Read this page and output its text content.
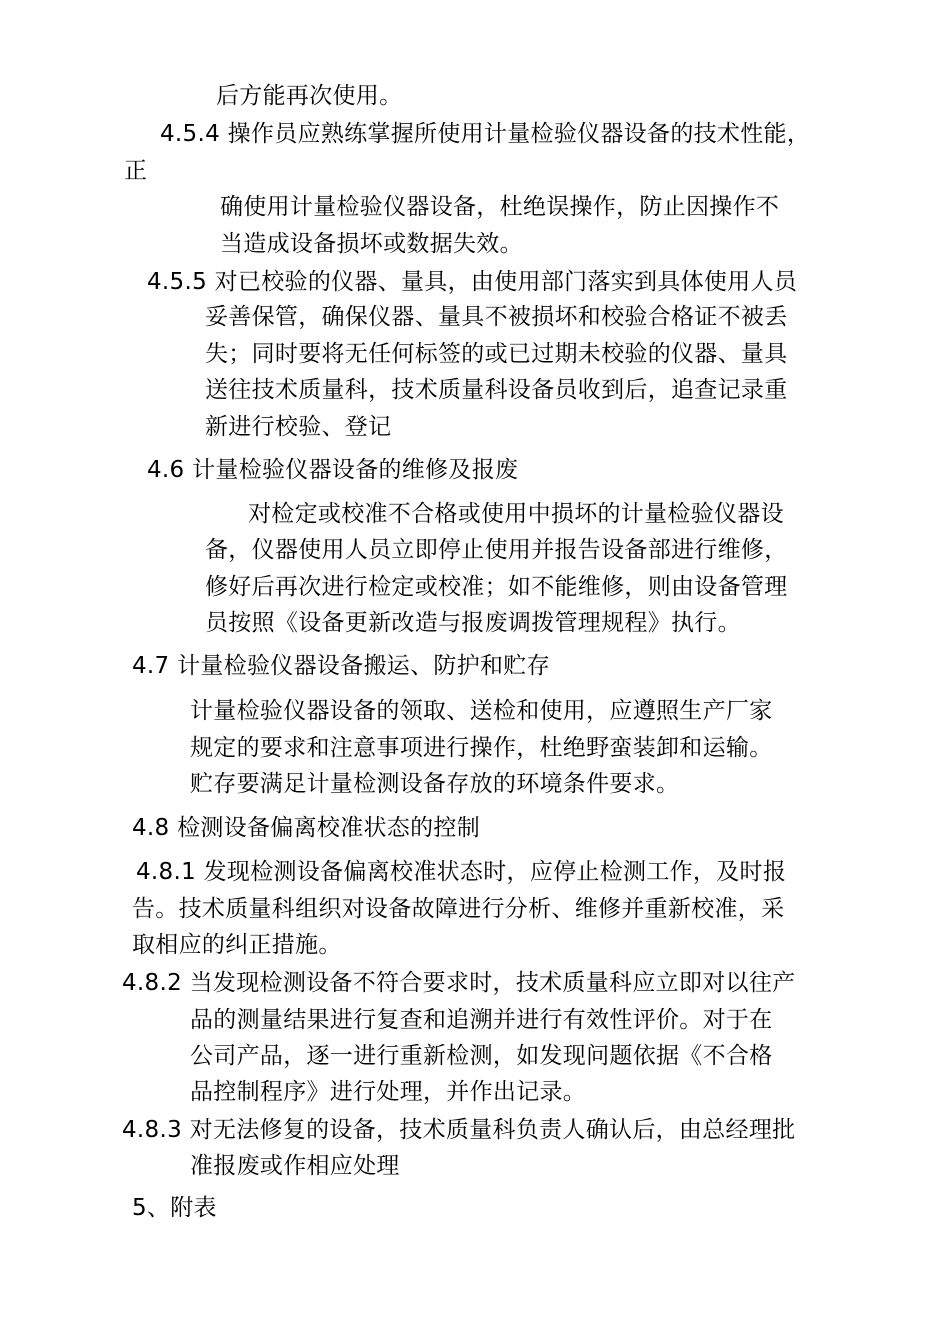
后方能再次使用。
4.5.4 操作员应熟练掌握所使用计量检验仪器设备的技术性能，
正
确使用计量检验仪器设备，杜绝误操作，防止因操作不
当造成设备损坏或数据失效。
4.5.5 对已校验的仪器、量具，由使用部门落实到具体使用人员
妥善保管，确保仪器、量具不被损坏和校验合格证不被丢
失；同时要将无任何标签的或已过期未校验的仪器、量具
送往技术质量科，技术质量科设备员收到后，追查记录重
新进行校验、登记
4.6 计量检验仪器设备的维修及报废
对检定或校准不合格或使用中损坏的计量检验仪器设
备，仪器使用人员立即停止使用并报告设备部进行维修，
修好后再次进行检定或校准；如不能维修，则由设备管理
员按照《设备更新改造与报废调拨管理规程》执行。
4.7 计量检验仪器设备搬运、防护和贮存
计量检验仪器设备的领取、送检和使用，应遵照生产厂家
规定的要求和注意事项进行操作，杜绝野蛮装卸和运输。
贮存要满足计量检测设备存放的环境条件要求。
4.8 检测设备偏离校准状态的控制
4.8.1 发现检测设备偏离校准状态时，应停止检测工作，及时报
告。技术质量科组织对设备故障进行分析、维修并重新校准，采
取相应的纠正措施。
4.8.2 当发现检测设备不符合要求时，技术质量科应立即对以往产
品的测量结果进行复查和追溯并进行有效性评价。对于在
公司产品，逐一进行重新检测，如发现问题依据《不合格
品控制程序》进行处理，并作出记录。
4.8.3 对无法修复的设备，技术质量科负责人确认后，由总经理批
准报废或作相应处理
5、附表
